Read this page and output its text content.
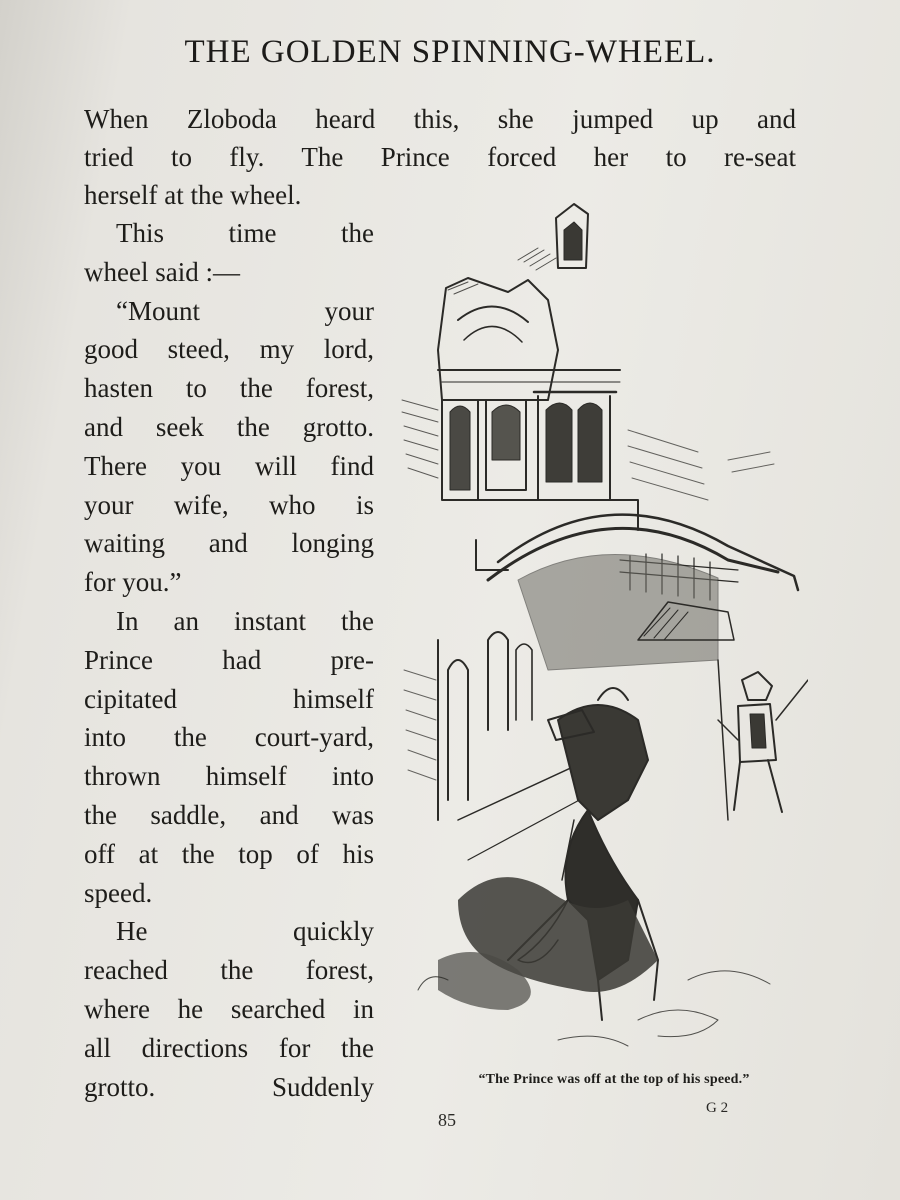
THE GOLDEN SPINNING-WHEEL.
When Zloboda heard this, she jumped up and
tried to fly. The Prince forced her to re-seat
herself at the wheel.
This time the
wheel said :—
“Mount your
good steed, my lord,
hasten to the forest,
and seek the grotto.
There you will find
your wife, who is
waiting and longing
for you.”
In an instant the
Prince had pre-
cipitated himself
into the court-yard,
thrown himself into
the saddle, and was
off at the top of his
speed.
He quickly
reached the forest,
where he searched in
all directions for the
grotto. Suddenly	“The Prince was off at the top of his speed.”
85
G 2
